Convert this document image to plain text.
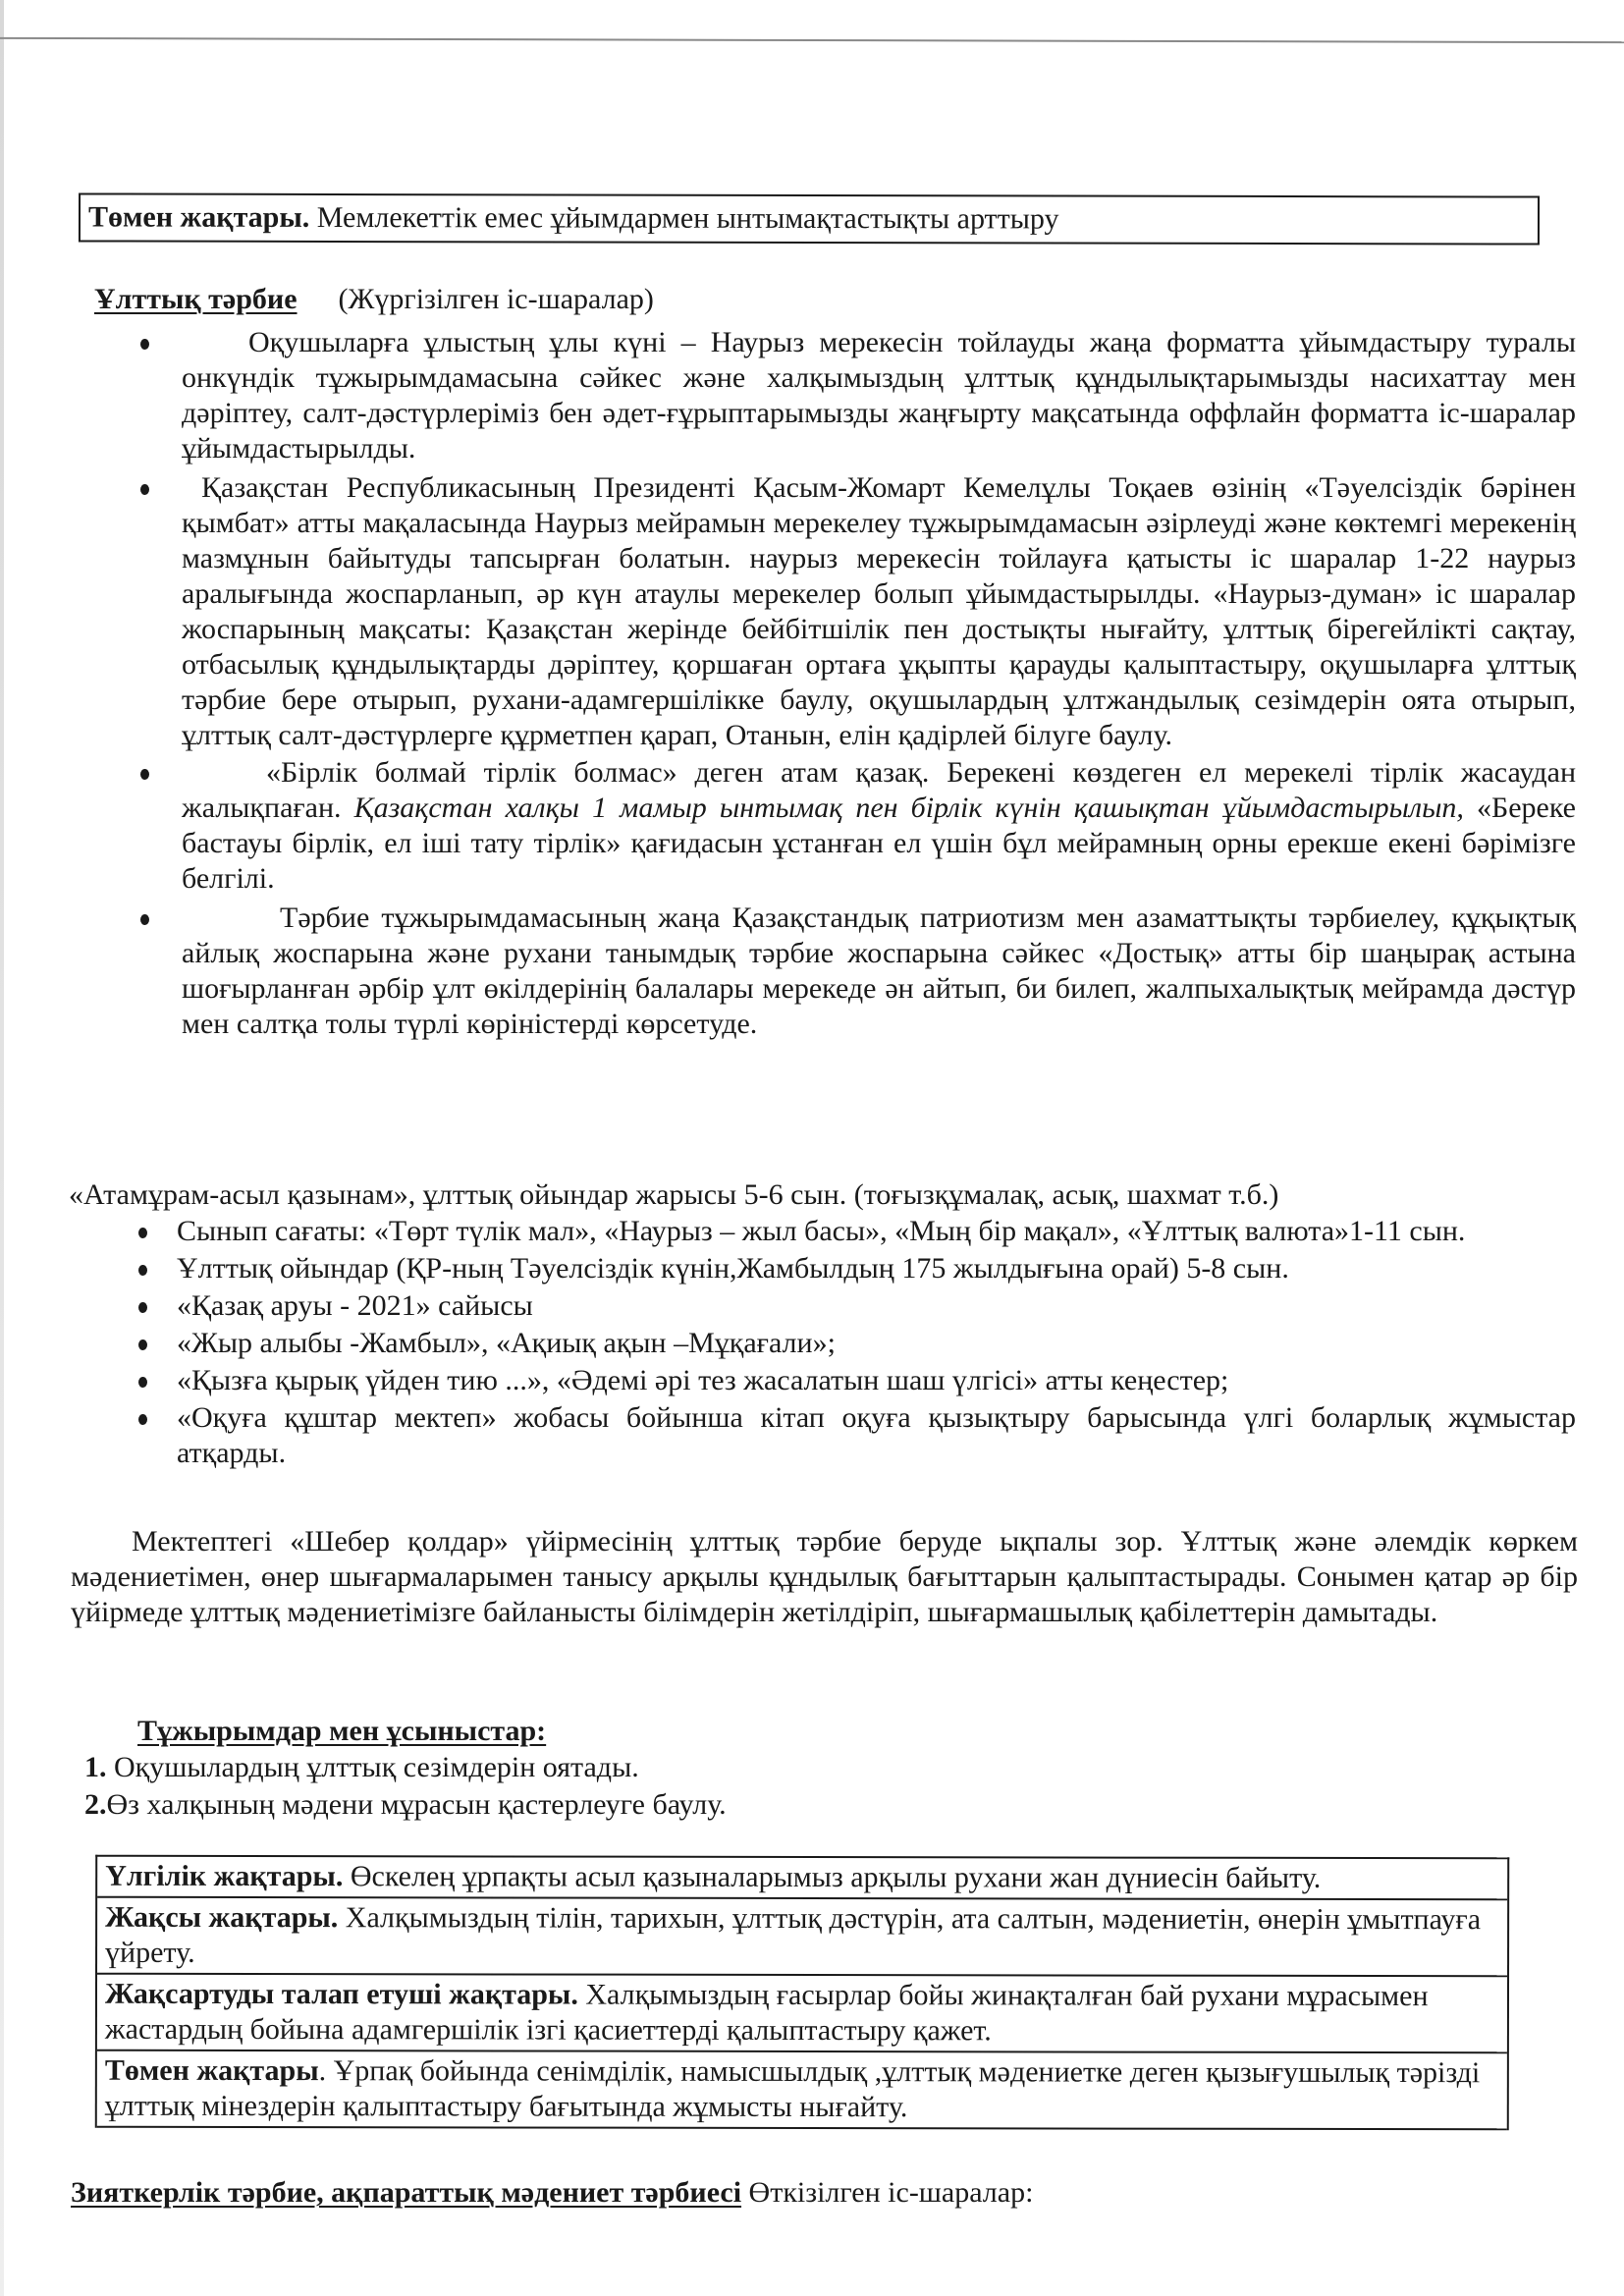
Төмен жақтары. Мемлекеттік емес ұйымдармен ынтымақтастықты арттыру
Ұлттық тәрбие (Жүргізілген іс-шаралар)

Оқушыларға ұлыстың ұлы күні – Наурыз мерекесін тойлауды жаңа форматта ұйымдастыру туралы онкүндік тұжырымдамасына сәйкес және халқымыздың ұлттық құндылықтарымызды насихаттау мен дәріптеу, салт-дәстүрлеріміз бен әдет-ғұрыптарымызды жаңғырту мақсатында оффлайн форматта іс-шаралар ұйымдастырылды.

Қазақстан Республикасының Президенті Қасым-Жомарт Кемелұлы Тоқаев өзінің «Тәуелсіздік бәрінен қымбат» атты мақаласында Наурыз мейрамын мерекелеу тұжырымдамасын әзірлеуді және көктемгі мерекенің мазмұнын байытуды тапсырған болатын. наурыз мерекесін тойлауға қатысты іс шаралар 1-22 наурыз аралығында жоспарланып, әр күн атаулы мерекелер болып ұйымдастырылды. «Наурыз-думан» іс шаралар жоспарының мақсаты: Қазақстан жерінде бейбітшілік пен достықты нығайту, ұлттық бірегейлікті сақтау, отбасылық құндылықтарды дәріптеу, қоршаған ортаға ұқыпты қарауды қалыптастыру, оқушыларға ұлттық тәрбие бере отырып, рухани-адамгершілікке баулу, оқушылардың ұлтжандылық сезімдерін оята отырып, ұлттық салт-дәстүрлерге құрметпен қарап, Отанын, елін қадірлей білуге баулу.

«Бірлік болмай тірлік болмас» деген атам қазақ. Берекені көздеген ел мерекелі тірлік жасаудан жалықпаған. Қазақстан халқы 1 мамыр ынтымақ пен бірлік күнін қашықтан ұйымдастырылып, «Береке бастауы бірлік, ел іші тату тірлік» қағидасын ұстанған ел үшін бұл мейрамның орны ерекше екені бәрімізге белгілі.

Тәрбие тұжырымдамасының жаңа Қазақстандық патриотизм мен азаматтықты тәрбиелеу, құқықтық айлық жоспарына және рухани танымдық тәрбие жоспарына сәйкес «Достық» атты бір шаңырақ астына шоғырланған әрбір ұлт өкілдерінің балалары мерекеде ән айтып, би билеп, жалпыхалықтық мейрамда дәстүр мен салтқа толы түрлі көріністерді көрсетуде.

«Атамұрам-асыл қазынам», ұлттық ойындар жарысы 5-6 сын. (тоғызқұмалақ, асық, шахмат т.б.)

Сынып сағаты: «Төрт түлік мал», «Наурыз – жыл басы», «Мың бір мақал», «Ұлттық валюта»1-11 сын.

Ұлттық ойындар (ҚР-ның Тәуелсіздік күнін,Жамбылдың 175 жылдығына орай) 5-8 сын.

«Қазақ аруы - 2021» сайысы

«Жыр алыбы -Жамбыл», «Ақиық ақын –Мұқағали»;

«Қызға қырық үйден тию ...», «Әдемі әрі тез жасалатын шаш үлгісі» атты кеңестер;

«Оқуға құштар мектеп» жобасы бойынша кітап оқуға қызықтыру барысында үлгі боларлық жұмыстар атқарды.

Мектептегі «Шебер қолдар» үйірмесінің ұлттық тәрбие беруде ықпалы зор. Ұлттық және әлемдік көркем мәдениетімен, өнер шығармаларымен танысу арқылы құндылық бағыттарын қалыптастырады. Сонымен қатар әр бір үйірмеде ұлттық мәдениетімізге байланысты білімдерін жетілдіріп, шығармашылық қабілеттерін дамытады.
Тұжырымдар мен ұсыныстар:
1. Оқушылардың ұлттық сезімдерін оятады.
2.Өз халқының мәдени мұрасын қастерлеуге баулу.
Үлгілік жақтары. Өскелең ұрпақты асыл қазыналарымыз арқылы рухани жан дүниесін байыту.
Жақсы жақтары. Халқымыздың тілін, тарихын, ұлттық дәстүрін, ата салтын, мәдениетін, өнерін ұмытпауға үйрету.
Жақсартуды талап етуші жақтары. Халқымыздың ғасырлар бойы жинақталған бай рухани мұрасымен жастардың бойына адамгершілік ізгі қасиеттерді қалыптастыру қажет.
Төмен жақтары. Ұрпақ бойында сенімділік, намысшылдық ,ұлттық мәдениетке деген қызығушылық тәрізді ұлттық мінездерін қалыптастыру бағытында жұмысты нығайту.
Зияткерлік тәрбие, ақпараттық мәдениет тәрбиесі Өткізілген іс-шаралар:
